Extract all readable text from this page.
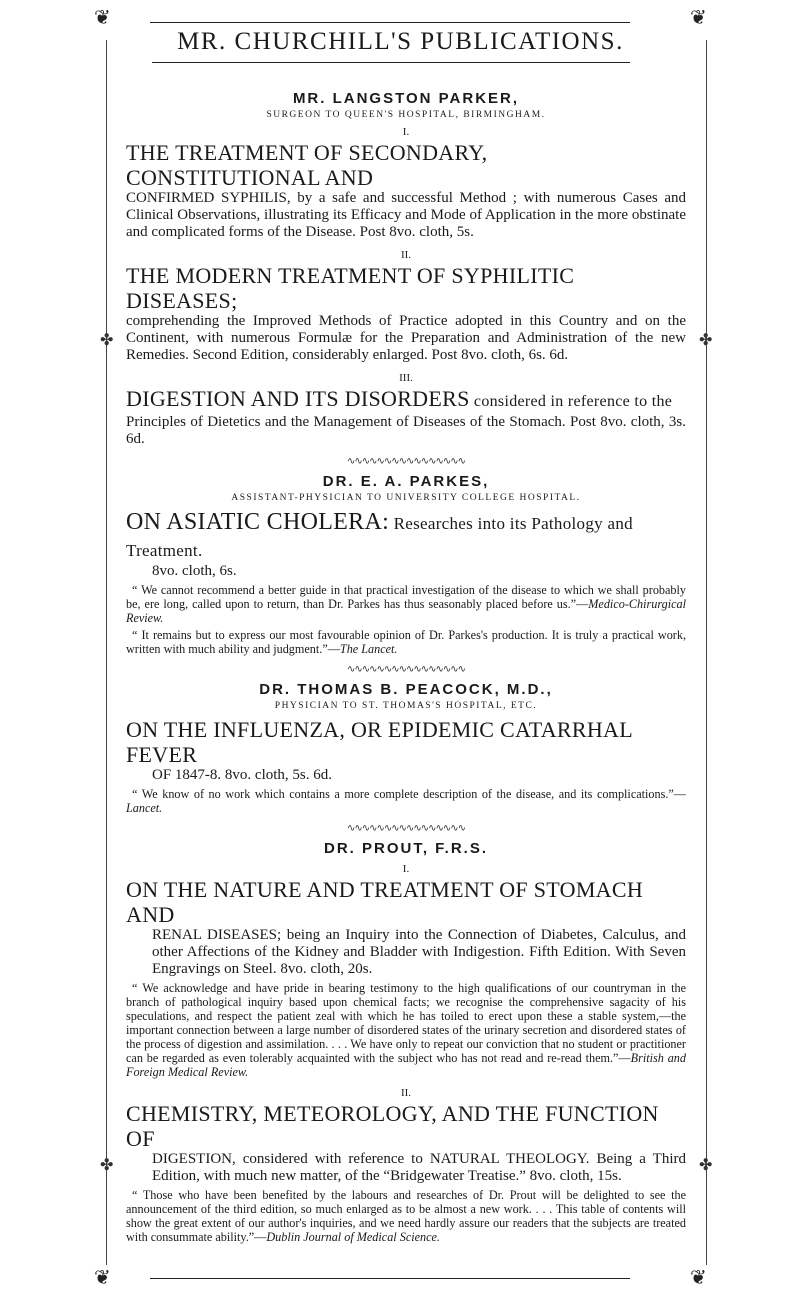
❦	❦
❦	❦
✤	✤
✤	✤
MR. CHURCHILL'S PUBLICATIONS.

MR. LANGSTON PARKER,

SURGEON TO QUEEN'S HOSPITAL, BIRMINGHAM.

I.

THE TREATMENT OF SECONDARY, CONSTITUTIONAL AND

CONFIRMED SYPHILIS, by a safe and successful Method ; with numerous Cases and Clinical Observations, illustrating its Efficacy and Mode of Application in the more obstinate and complicated forms of the Disease. Post 8vo. cloth, 5s.

II.

THE MODERN TREATMENT OF SYPHILITIC DISEASES;

comprehending the Improved Methods of Practice adopted in this Country and on the Continent, with numerous Formulæ for the Preparation and Administration of the new Remedies. Second Edition, considerably enlarged. Post 8vo. cloth, 6s. 6d.

III.

DIGESTION AND ITS DISORDERS considered in reference to the

Principles of Dietetics and the Management of Diseases of the Stomach. Post 8vo. cloth, 3s. 6d.

∿∿∿∿∿∿∿∿∿∿∿∿∿∿∿∿

DR. E. A. PARKES,

ASSISTANT-PHYSICIAN TO UNIVERSITY COLLEGE HOSPITAL.

ON ASIATIC CHOLERA: Researches into its Pathology and Treatment.

8vo. cloth, 6s.

“ We cannot recommend a better guide in that practical investigation of the disease to which we shall probably be, ere long, called upon to return, than Dr. Parkes has thus seasonably placed before us.”—Medico-Chirurgical Review.

“ It remains but to express our most favourable opinion of Dr. Parkes's production. It is truly a practical work, written with much ability and judgment.”—The Lancet.

∿∿∿∿∿∿∿∿∿∿∿∿∿∿∿∿

DR. THOMAS B. PEACOCK, M.D.,

PHYSICIAN TO ST. THOMAS'S HOSPITAL, ETC.

ON THE INFLUENZA, OR EPIDEMIC CATARRHAL FEVER

OF 1847-8. 8vo. cloth, 5s. 6d.

“ We know of no work which contains a more complete description of the disease, and its complications.”—Lancet.

∿∿∿∿∿∿∿∿∿∿∿∿∿∿∿∿

DR. PROUT, F.R.S.

I.

ON THE NATURE AND TREATMENT OF STOMACH AND

RENAL DISEASES; being an Inquiry into the Connection of Diabetes, Calculus, and other Affections of the Kidney and Bladder with Indigestion. Fifth Edition. With Seven Engravings on Steel. 8vo. cloth, 20s.

“ We acknowledge and have pride in bearing testimony to the high qualifications of our countryman in the branch of pathological inquiry based upon chemical facts; we recognise the comprehensive sagacity of his speculations, and respect the patient zeal with which he has toiled to erect upon these a stable system,—the important connection between a large number of disordered states of the urinary secretion and disordered states of the process of digestion and assimilation. . . . We have only to repeat our conviction that no student or practitioner can be regarded as even tolerably acquainted with the subject who has not read and re-read them.”—British and Foreign Medical Review.

II.

CHEMISTRY, METEOROLOGY, AND THE FUNCTION OF

DIGESTION, considered with reference to NATURAL THEOLOGY. Being a Third Edition, with much new matter, of the “Bridgewater Treatise.” 8vo. cloth, 15s.

“ Those who have been benefited by the labours and researches of Dr. Prout will be delighted to see the announcement of the third edition, so much enlarged as to be almost a new work. . . . This table of contents will show the great extent of our author's inquiries, and we need hardly assure our readers that the subjects are treated with consummate ability.”—Dublin Journal of Medical Science.
